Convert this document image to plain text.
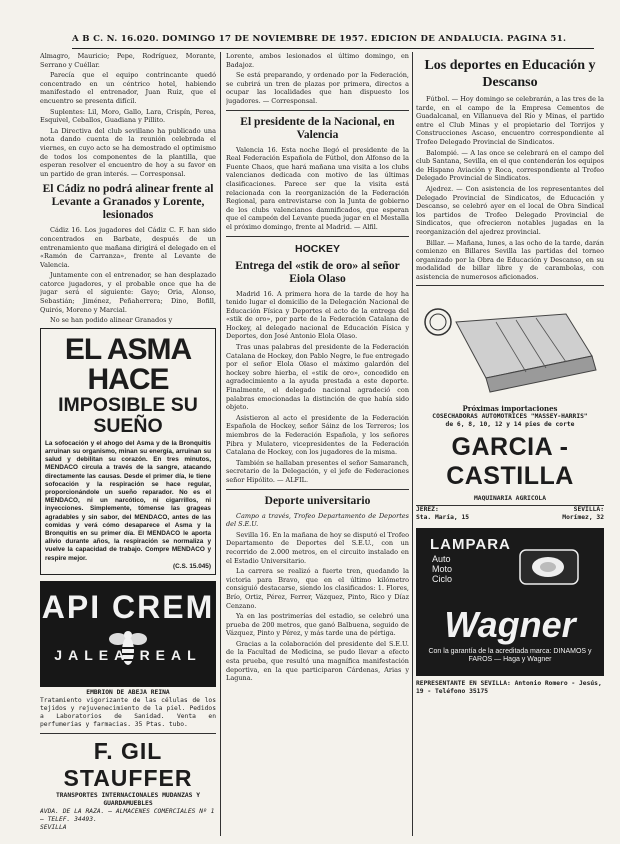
A B C. N. 16.020. DOMINGO 17 DE NOVIEMBRE DE 1957. EDICION DE ANDALUCIA. PAGINA 51.

Almagro, Mauricio; Pepe, Rodríguez, Morante, Serrano y Cuéllar.

Parecía que el equipo contrincante quedó concentrado en un céntrico hotel, habiendo manifestado el entrenador, Juan Ruiz, que el encuentro se presenta difícil.

Suplentes: Lil, Moro, Gallo, Lara, Crispín, Perea, Esquivel, Ceballos, Guadiana y Pillito.

La Directiva del club sevillano ha publicado una nota dando cuenta de la reunión celebrada el viernes, en cuyo acto se ha demostrado el optimismo de todos los componentes de la plantilla, que esperan resolver el encuentro de hoy a su favor en un partido de gran interés. — Corresponsal.

El Cádiz no podrá alinear frente al Levante a Granados y Lorente, lesionados

Cádiz 16. Los jugadores del Cádiz C. F. han sido concentrados en Barbate, después de un entrenamiento que mañana dirigirá el delegado en el «Ramón de Carranza», frente al Levante de Valencia.

Juntamente con el entrenador, se han desplazado catorce jugadores, y el probable once que ha de jugar será el siguiente: Gayo; Oria, Alonso, Sebastián; Jiménez, Peñaherrera; Dino, Bofill, Quirós, Moreno y Marcial.

No se han podido alinear Granados y

EL ASMA HACE
IMPOSIBLE SU SUEÑO
La sofocación y el ahogo del Asma y de la Bronquitis arruinan su organismo, minan su energía, arruinan su salud y debilitan su corazón. En tres minutos, MENDACO circula a través de la sangre, atacando directamente las causas. Desde el primer día, le tiene sofocación y la respiración se hace regular, proporcionándole un sueño reparador. No es el MENDACO, ni un narcótico, ni cigarrillos, ni inyecciones. Simplemente, tómense las grageas agradables y sin sabor, del MENDACO, antes de las comidas y verá cómo desaparece el Asma y la Bronquitis en su primer día. El MENDACO le aporta alivio durante años, la respiración se normaliza y vuelve la capacidad de trabajo. Compre MENDACO y respire mejor.
(C.S. 15.045)
API CREM
JALEA REAL
EMBRION DE ABEJA REINA
Tratamiento vigorizante de las células de los tejidos y rejuvenecimiento de la piel. Pedidos a Laboratorios de Sanidad. Venta en perfumerías y farmacias. 35 Ptas. tubo.
F. GIL STAUFFER
TRANSPORTES INTERNACIONALES MUDANZAS Y GUARDAMUEBLES
AVDA. DE LA RAZA. — ALMACENES COMERCIALES Nº 1 — TELEF. 34493.
SEVILLA

Lorente, ambos lesionados el último domingo, en Badajoz.

Se está preparando, y ordenado por la Federación, se cubrirá un tren de plazas por primera, directos a ocupar las localidades que han dispuesto los jugadores. — Corresponsal.

El presidente de la Nacional, en Valencia

Valencia 16. Esta noche llegó el presidente de la Real Federación Española de Fútbol, don Alfonso de la Fuente Chaos, que hará mañana una visita a los clubs valencianos dedicada con motivo de las últimas clasificaciones. Parece ser que la visita está relacionada con la reorganización de la Federación Regional, para entrevistarse con la Junta de gobierno de los clubs valencianos damnificados, que esperan que el campeón del Levante pueda jugar en el Mestalla el próximo domingo, frente al Madrid. — Alfil.

HOCKEY
Entrega del «stik de oro» al señor Eiola Olaso

Madrid 16. A primera hora de la tarde de hoy ha tenido lugar el domicilio de la Delegación Nacional de Educación Física y Deportes el acto de la entrega del «stik de oro», por parte de la Federación Catalana de Hockey, al delegado nacional de Educación Física y Deportes, don José Antonio Elola Olaso.

Tras unas palabras del presidente de la Federación Catalana de Hockey, don Pablo Negre, le fue entregado por el señor Elola Olaso el máximo galardón del hockey sobre hierba, el «stik de oro», concedido en agradecimiento a la ayuda prestada a este deporte. Finalmente, el delegado nacional agradeció con palabras emocionadas la distinción de que había sido objeto.

Asistieron al acto el presidente de la Federación Española de Hockey, señor Sáinz de los Terreros; los miembros de la Federación Española, y los señores Pibra y Mulatero, vicepresidentes de la Federación Catalana de Hockey, con los jugadores de la misma.

También se hallaban presentes el señor Samaranch, secretario de la Delegación, y el jefe de Federaciones señor Hipólito. — ALFIL.

Deporte universitario

Campo a través, Trofeo Departamento de Deportes del S.E.U.

Sevilla 16. En la mañana de hoy se disputó el Trofeo Departamento de Deportes del S.E.U., con un recorrido de 2.000 metros, en el circuito instalado en el Estadio Universitario.

La carrera se realizó a fuerte tren, quedando la victoria para Bravo, que en el último kilómetro consiguió destacarse, siendo los clasificados: 1. Flores, Brío, Ortiz, Pérez, Ferrer, Vázquez, Pinto, Rico y Díaz Cenzano.

Ya en las postrimerías del estadio, se celebró una prueba de 200 metros, que ganó Balbuena, seguido de Vázquez, Pinto y Pérez, y más tarde una de pértiga.

Gracias a la colaboración del presidente del S.E.U. de la Facultad de Medicina, se pudo llevar a efecto esta prueba, que resultó una magnífica manifestación deportiva, en la que participaron Cárdenas, Arias y Laguna.

Los deportes en Educación y Descanso

Fútbol. — Hoy domingo se celebrarán, a las tres de la tarde, en el campo de la Empresa Cementos de Guadalcanal, en Villanueva del Río y Minas, el partido entre el Club Minas y el propietario del Torrijos y Construcciones Ascaso, encuentro correspondiente al Trofeo Delegado Provincial de Sindicatos.

Balompié. — A las once se celebrará en el campo del club Santana, Sevilla, en el que contenderán los equipos de Hispano Aviación y Roca, correspondiente al Trofeo Delegado Provincial de Sindicatos.

Ajedrez. — Con asistencia de los representantes del Delegado Provincial de Sindicatos, de Educación y Descanso, se celebró ayer en el local de Obra Sindical los partidos de Trofeo Delegado Provincial de Sindicatos, que ofrecieron notables jugadas en la reorganización del ajedrez provincial.

Billar. — Mañana, lunes, a las ocho de la tarde, darán comienzo en Billares Sevilla las partidas del torneo organizado por la Obra de Educación y Descanso, en su modalidad de billar libre y de carambolas, con asistencia de numerosos aficionados.

Próximas importaciones
COSECHADORAS AUTOMOTRICES "MASSEY-HARRIS"
de 6, 8, 10, 12 y 14 pies de corte
GARCIA - CASTILLA
MAQUINARIA AGRICOLA
JEREZ:	SEVILLA:
Sta. María, 15	Morímez, 32
LAMPARA
Auto
Moto
Ciclo
Wagner
Con la garantía de la acreditada marca: DINAMOS y FAROS — Haga y Wagner
REPRESENTANTE EN SEVILLA: Antonio Romero - Jesús, 19 - Teléfono 35175
